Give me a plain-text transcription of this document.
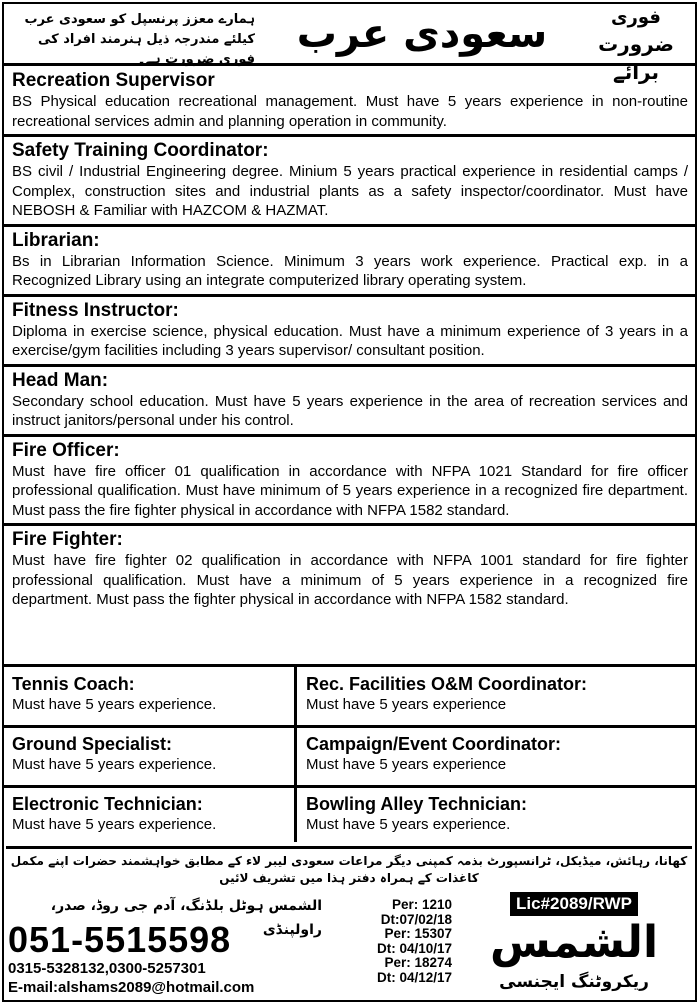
ہمارے معزز پرنسپل کو سعودی عرب کیلئے مندرجہ ذیل ہنرمند افراد کی فوری ضرورت ہے۔
سعودی عرب	فوری
ضرورت برائے
Recreation Supervisor
BS Physical education recreational management. Must have 5 years experience in non-routine recreational services admin and planning operation in community.
Safety Training Coordinator:
BS civil / Industrial Engineering degree. Minium 5 years practical experience in residential camps / Complex, construction sites and industrial plants as a safety inspector/coordinator. Must have NEBOSH & Familiar with HAZCOM & HAZMAT.
Librarian:
Bs in Librarian Information Science. Minimum 3 years work experience. Practical exp. in a Recognized Library using an integrate computerized library operating system.
Fitness Instructor:
Diploma in exercise science, physical education. Must have a minimum experience of 3 years in a exercise/gym facilities including 3 years supervisor/ consultant position.
Head Man:
Secondary school education. Must have 5 years experience in the area of recreation services and instruct janitors/personal under his control.
Fire Officer:
Must have fire officer 01 qualification in accordance with NFPA 1021 Standard for fire officer professional qualification. Must have minimum of 5 years experience in a recognized fire department. Must pass the fire fighter physical in accordance with NFPA 1582 standard.
Fire Fighter:
Must have fire fighter 02 qualification in accordance with NFPA 1001 standard for fire fighter professional qualification. Must have a minimum of 5 years experience in a recognized fire department. Must pass the fighter physical in accordance with NFPA 1582 standard.
Tennis Coach:
Must have 5 years experience.
Rec. Facilities O&M Coordinator:
Must have 5 years experience
Ground Specialist:
Must have 5 years experience.
Campaign/Event Coordinator:
Must have 5 years experience
Electronic Technician:
Must have 5 years experience.
Bowling Alley Technician:
Must have 5 years experience.
کھانا، رہائش، میڈیکل، ٹرانسپورٹ بذمہ کمپنی دیگر مراعات سعودی لیبر لاء کے مطابق خواہشمند حضرات اپنے مکمل کاغذات کے ہمراہ دفتر ہذا میں تشریف لائیں
الشمس ہوٹل بلڈنگ، آدم جی روڈ، صدر، راولپنڈی
051-5515598
0315-5328132,0300-5257301
E-mail:alshams2089@hotmail.com
Per: 1210
Dt:07/02/18
Per: 15307
Dt: 04/10/17
Per: 18274
Dt: 04/12/17
Lic#2089/RWP
الشمس
ریکروٹنگ ایجنسی
